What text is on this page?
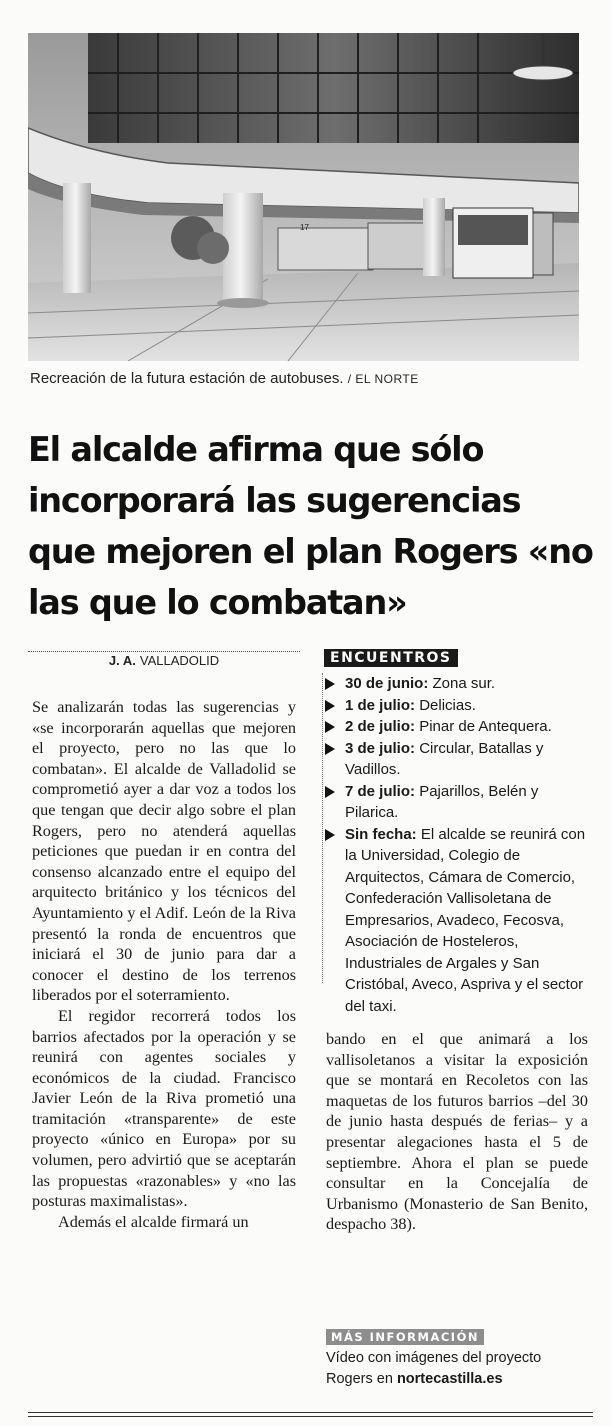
17
Recreación de la futura estación de autobuses. / EL NORTE
El alcalde afirma que sólo incorporará las sugerencias que mejoren el plan Rogers «no las que lo combatan»
J. A. VALLADOLID

Se analizarán todas las sugerencias y «se incorporarán aquellas que mejoren el proyecto, pero no las que lo combatan». El alcalde de Valladolid se comprometió ayer a dar voz a todos los que tengan que decir algo sobre el plan Rogers, pero no atenderá aquellas peticiones que puedan ir en contra del consenso alcanzado entre el equipo del arquitecto británico y los técnicos del Ayuntamiento y el Adif. León de la Riva presentó la ronda de encuentros que iniciará el 30 de junio para dar a conocer el destino de los terrenos liberados por el soterramiento.

El regidor recorrerá todos los barrios afectados por la operación y se reunirá con agentes sociales y económicos de la ciudad. Francisco Javier León de la Riva prometió una tramitación «transparente» de este proyecto «único en Europa» por su volumen, pero advirtió que se aceptarán las propuestas «razonables» y «no las posturas maximalistas».

Además el alcalde firmará un

ENCUENTROS
30 de junio: Zona sur.
1 de julio: Delicias.
2 de julio: Pinar de Antequera.
3 de julio: Circular, Batallas y Vadillos.
7 de julio: Pajarillos, Belén y Pilarica.
Sin fecha: El alcalde se reunirá con la Universidad, Colegio de Arquitectos, Cámara de Comercio, Confederación Vallisoletana de Empresarios, Avadeco, Fecosva, Asociación de Hosteleros, Industriales de Argales y San Cristóbal, Aveco, Aspriva y el sector del taxi.

bando en el que animará a los vallisoletanos a visitar la exposición que se montará en Recoletos con las maquetas de los futuros barrios –del 30 de junio hasta después de ferias– y a presentar alegaciones hasta el 5 de septiembre. Ahora el plan se puede consultar en la Concejalía de Urbanismo (Monasterio de San Benito, despacho 38).

MÁS INFORMACIÓN
Vídeo con imágenes del proyecto Rogers en nortecastilla.es
